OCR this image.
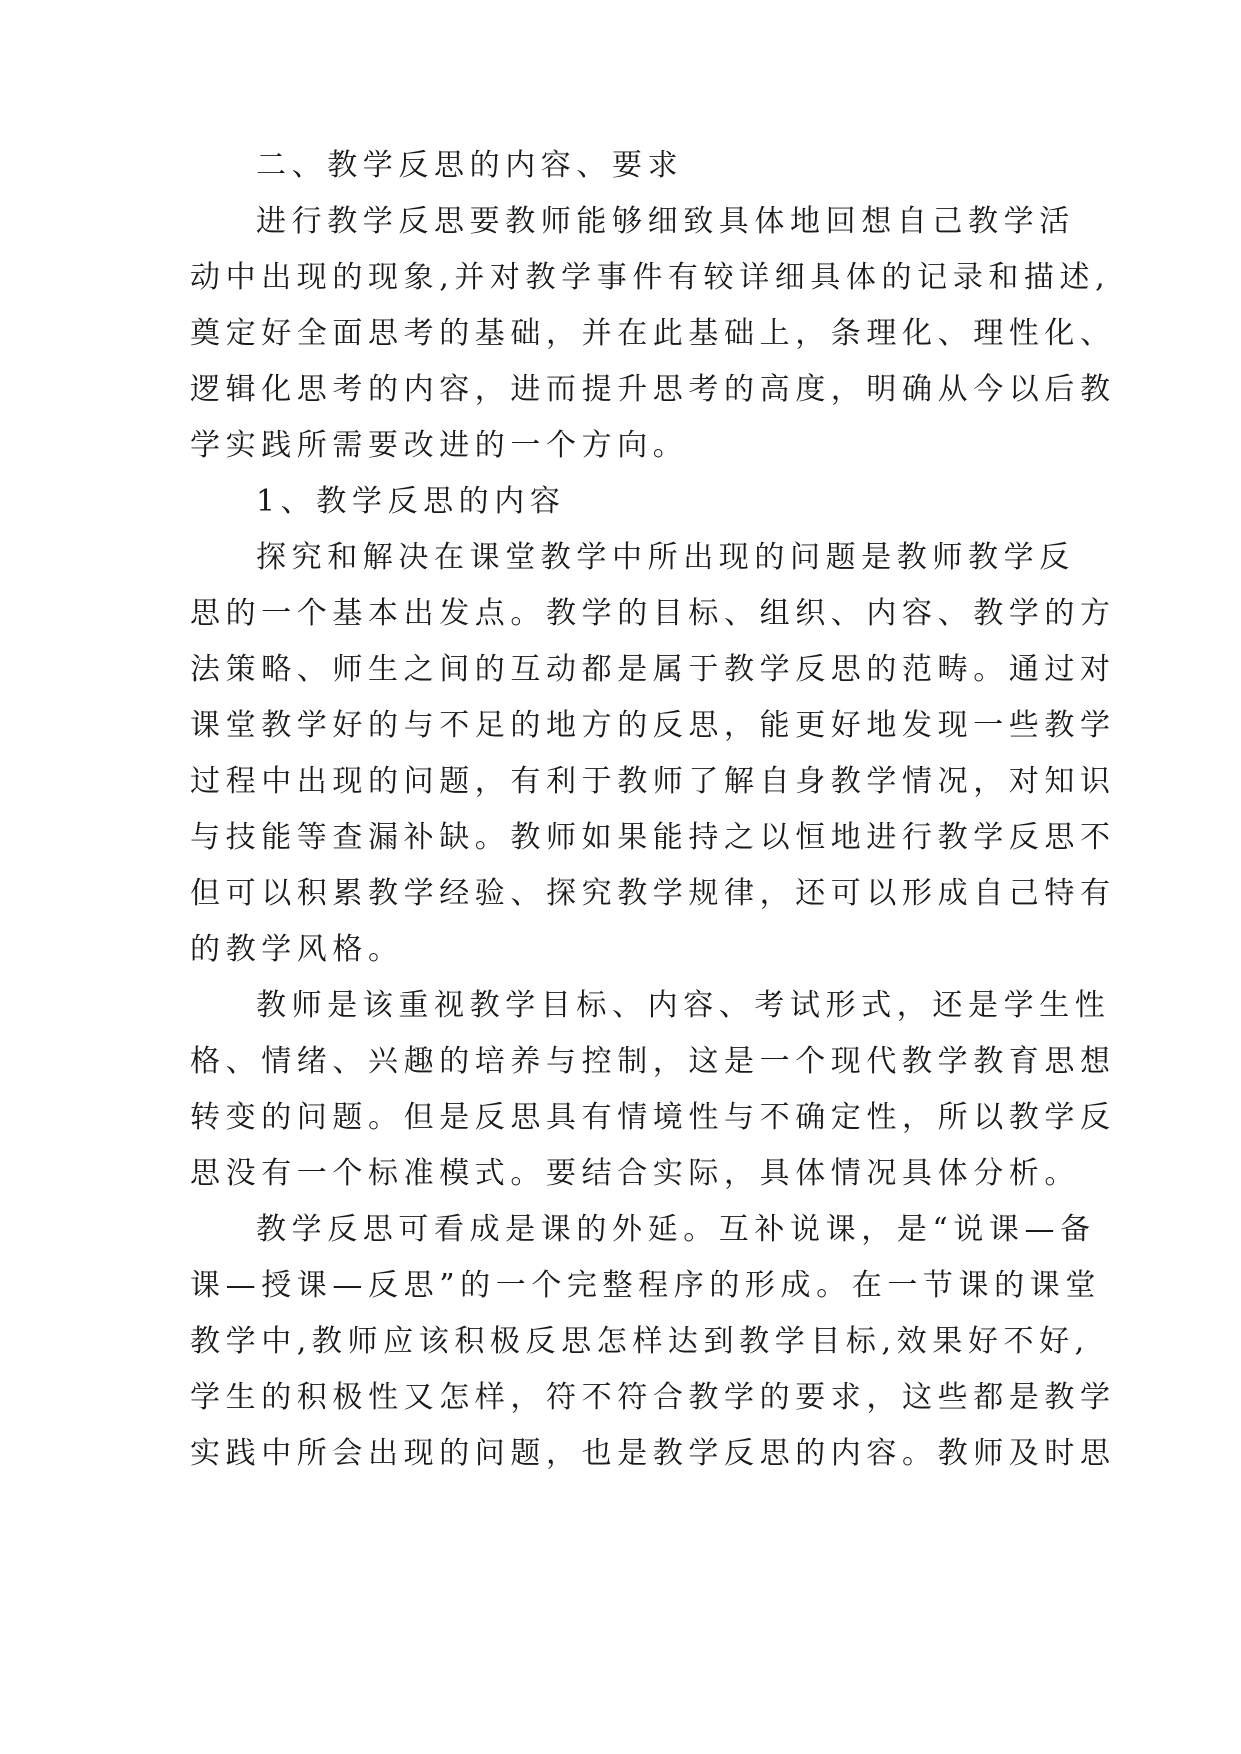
二、教学反思的内容、要求
进行教学反思要教师能够细致具体地回想自己教学活
动中出现的现象,并对教学事件有较详细具体的记录和描述,
奠定好全面思考的基础，并在此基础上，条理化、理性化、
逻辑化思考的内容，进而提升思考的高度，明确从今以后教
学实践所需要改进的一个方向。
1、教学反思的内容
探究和解决在课堂教学中所出现的问题是教师教学反
思的一个基本出发点。教学的目标、组织、内容、教学的方
法策略、师生之间的互动都是属于教学反思的范畴。通过对
课堂教学好的与不足的地方的反思，能更好地发现一些教学
过程中出现的问题，有利于教师了解自身教学情况，对知识
与技能等查漏补缺。教师如果能持之以恒地进行教学反思不
但可以积累教学经验、探究教学规律，还可以形成自己特有
的教学风格。
教师是该重视教学目标、内容、考试形式，还是学生性
格、情绪、兴趣的培养与控制，这是一个现代教学教育思想
转变的问题。但是反思具有情境性与不确定性，所以教学反
思没有一个标准模式。要结合实际，具体情况具体分析。
教学反思可看成是课的外延。互补说课，是“说课—备
课—授课—反思”的一个完整程序的形成。在一节课的课堂
教学中,教师应该积极反思怎样达到教学目标,效果好不好,
学生的积极性又怎样，符不符合教学的要求，这些都是教学
实践中所会出现的问题，也是教学反思的内容。教师及时思
